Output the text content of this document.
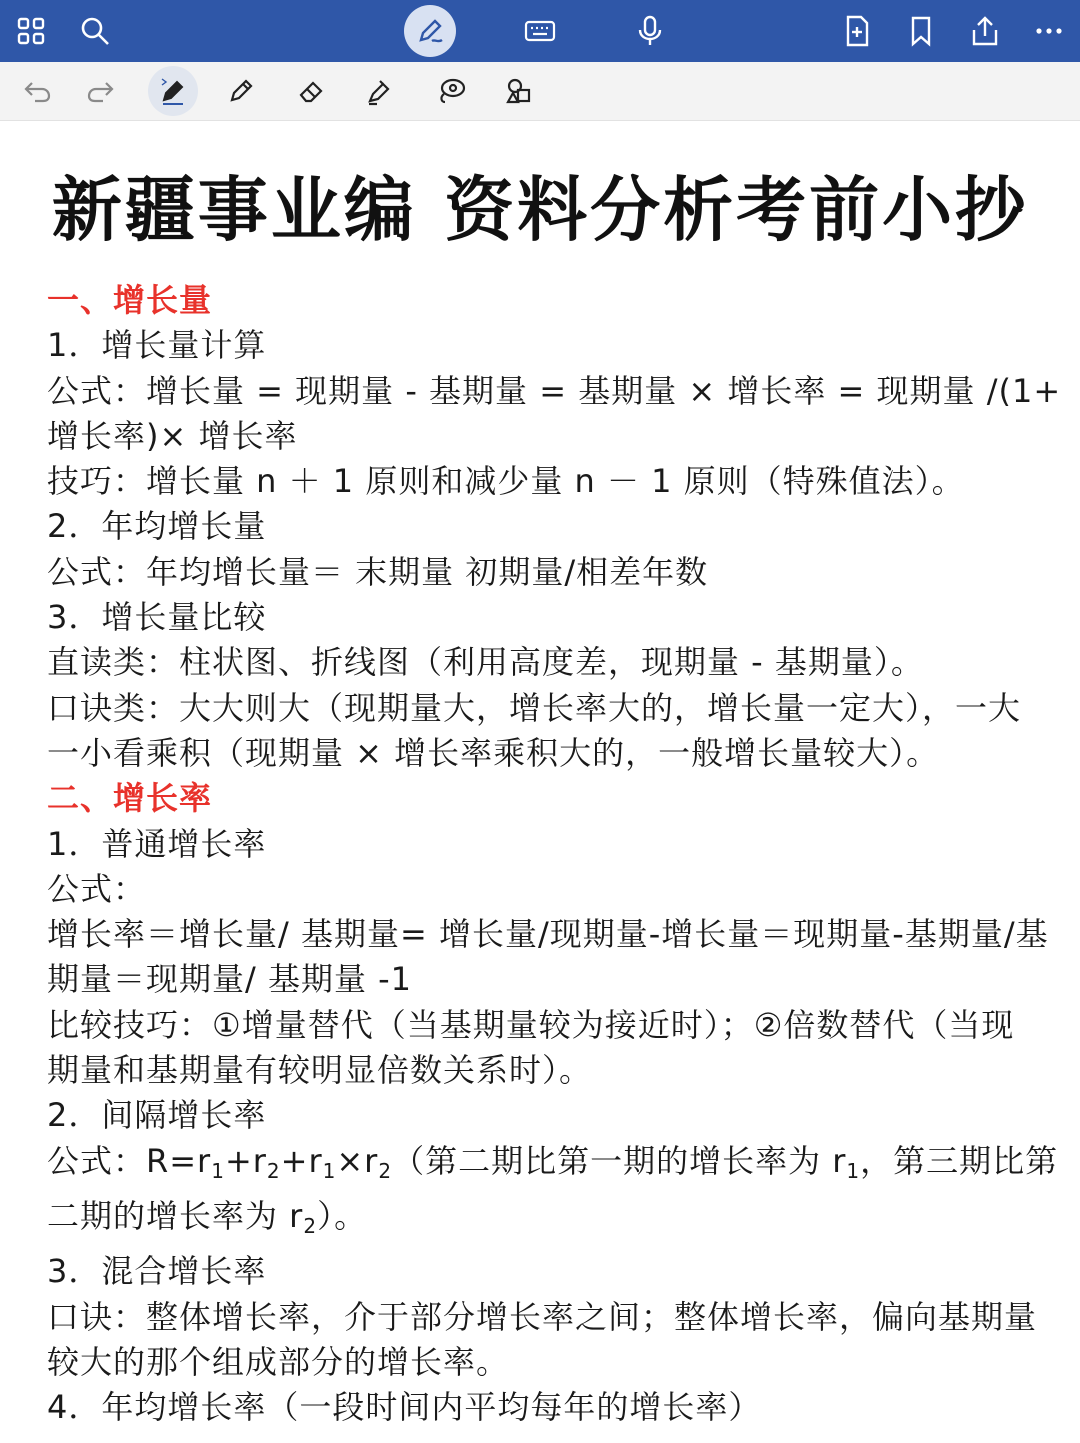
新疆事业编 资料分析考前小抄
一、增长量
1．增长量计算
公式：增长量 = 现期量 - 基期量 = 基期量 × 增长率 = 现期量 /(1+
增长率)× 增长率
技巧：增长量 n ＋ 1 原则和减少量 n － 1 原则（特殊值法）。
2．年均增长量
公式：年均增长量＝ 末期量 初期量/相差年数
3．增长量比较
直读类：柱状图、折线图（利用高度差，现期量 - 基期量）。
口诀类：大大则大（现期量大，增长率大的，增长量一定大），一大
一小看乘积（现期量 × 增长率乘积大的，一般增长量较大）。
二、增长率
1．普通增长率
公式：
增长率＝增长量/ 基期量= 增长量/现期量-增长量＝现期量-基期量/基
期量＝现期量/ 基期量 -1
比较技巧：①增量替代（当基期量较为接近时）；②倍数替代（当现
期量和基期量有较明显倍数关系时）。
2．间隔增长率
公式：$R=r_1+r_2+r_1\times r_2$（第二期比第一期的增长率为 $r_1$，第三期比第
二期的增长率为 $r_2$）。
3．混合增长率
口诀：整体增长率，介于部分增长率之间；整体增长率，偏向基期量
较大的那个组成部分的增长率。
4．年均增长率（一段时间内平均每年的增长率）
